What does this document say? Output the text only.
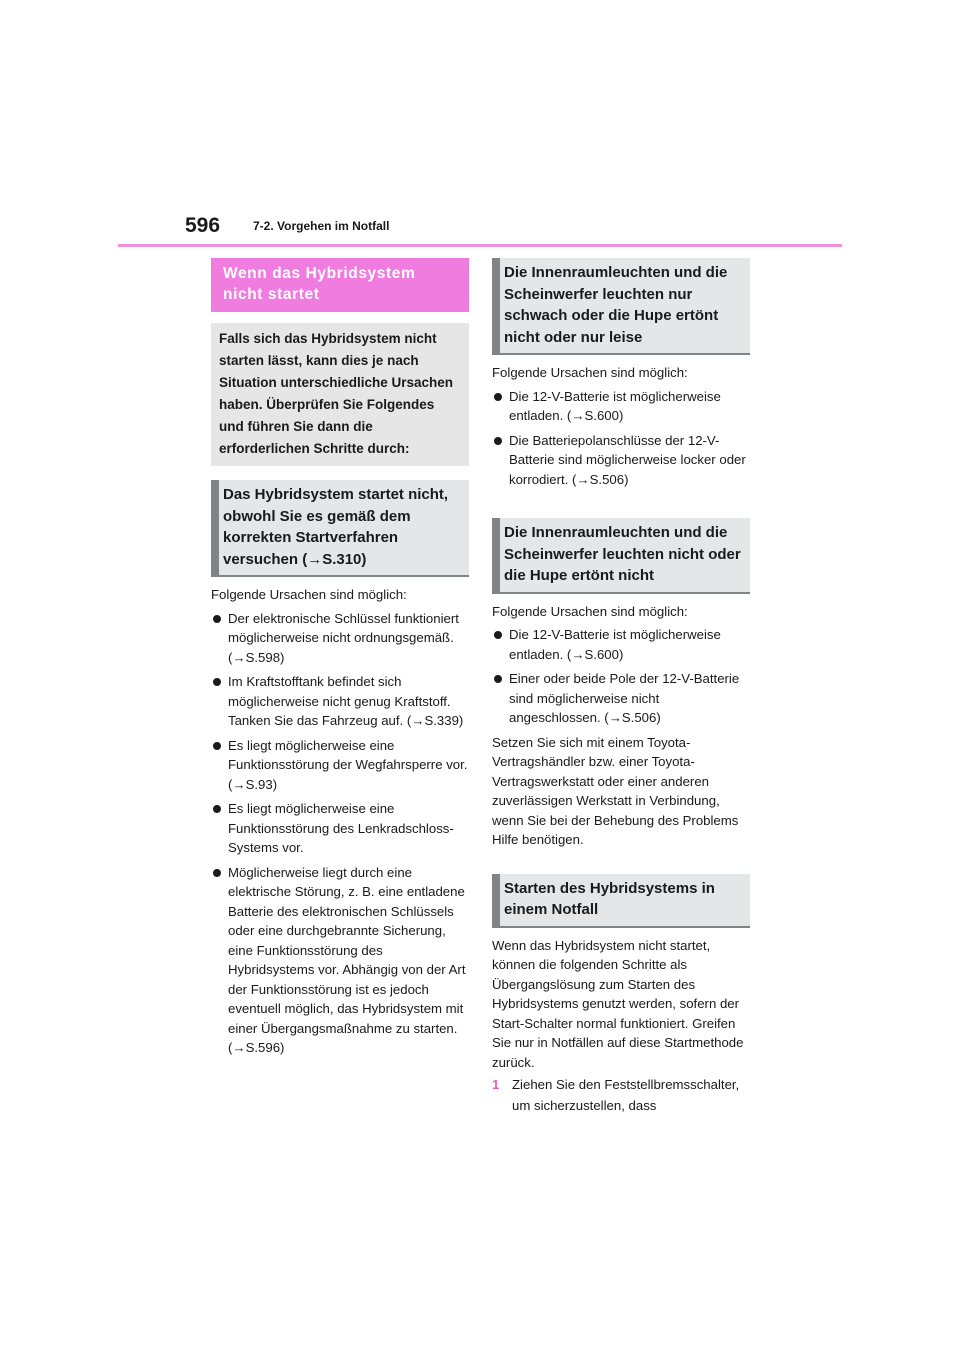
596	7-2. Vorgehen im Notfall
Wenn das Hybridsystem nicht startet
Falls sich das Hybridsystem nicht starten lässt, kann dies je nach Situation unterschiedliche Ursachen haben. Überprüfen Sie Folgendes und führen Sie dann die erforderlichen Schritte durch:
Das Hybridsystem startet nicht, obwohl Sie es gemäß dem korrekten Startverfahren versuchen (→S.310)

Folgende Ursachen sind möglich:

Der elektronische Schlüssel funktioniert möglicherweise nicht ordnungsgemäß. (→S.598)
Im Kraftstofftank befindet sich möglicherweise nicht genug Kraftstoff. Tanken Sie das Fahrzeug auf. (→S.339)
Es liegt möglicherweise eine Funktionsstörung der Wegfahrsperre vor. (→S.93)
Es liegt möglicherweise eine Funktionsstörung des Lenkradschloss-Systems vor.
Möglicherweise liegt durch eine elektrische Störung, z. B. eine entladene Batterie des elektronischen Schlüssels oder eine durchgebrannte Sicherung, eine Funktionsstörung des Hybridsystems vor. Abhängig von der Art der Funktionsstörung ist es jedoch eventuell möglich, das Hybridsystem mit einer Übergangsmaßnahme zu starten. (→S.596)
Die Innenraumleuchten und die Scheinwerfer leuchten nur schwach oder die Hupe ertönt nicht oder nur leise

Folgende Ursachen sind möglich:

Die 12-V-Batterie ist möglicherweise entladen. (→S.600)
Die Batteriepolanschlüsse der 12-V-Batterie sind möglicherweise locker oder korrodiert. (→S.506)
Die Innenraumleuchten und die Scheinwerfer leuchten nicht oder die Hupe ertönt nicht

Folgende Ursachen sind möglich:

Die 12-V-Batterie ist möglicherweise entladen. (→S.600)
Einer oder beide Pole der 12-V-Batterie sind möglicherweise nicht angeschlossen. (→S.506)

Setzen Sie sich mit einem Toyota-Vertragshändler bzw. einer Toyota-Vertragswerkstatt oder einer anderen zuverlässigen Werkstatt in Verbindung, wenn Sie bei der Behebung des Problems Hilfe benötigen.

Starten des Hybridsystems in einem Notfall

Wenn das Hybridsystem nicht startet, können die folgenden Schritte als Übergangslösung zum Starten des Hybridsystems genutzt werden, sofern der Start-Schalter normal funktioniert. Greifen Sie nur in Notfällen auf diese Startmethode zurück.

1 Ziehen Sie den Feststellbremsschalter, um sicherzustellen, dass
